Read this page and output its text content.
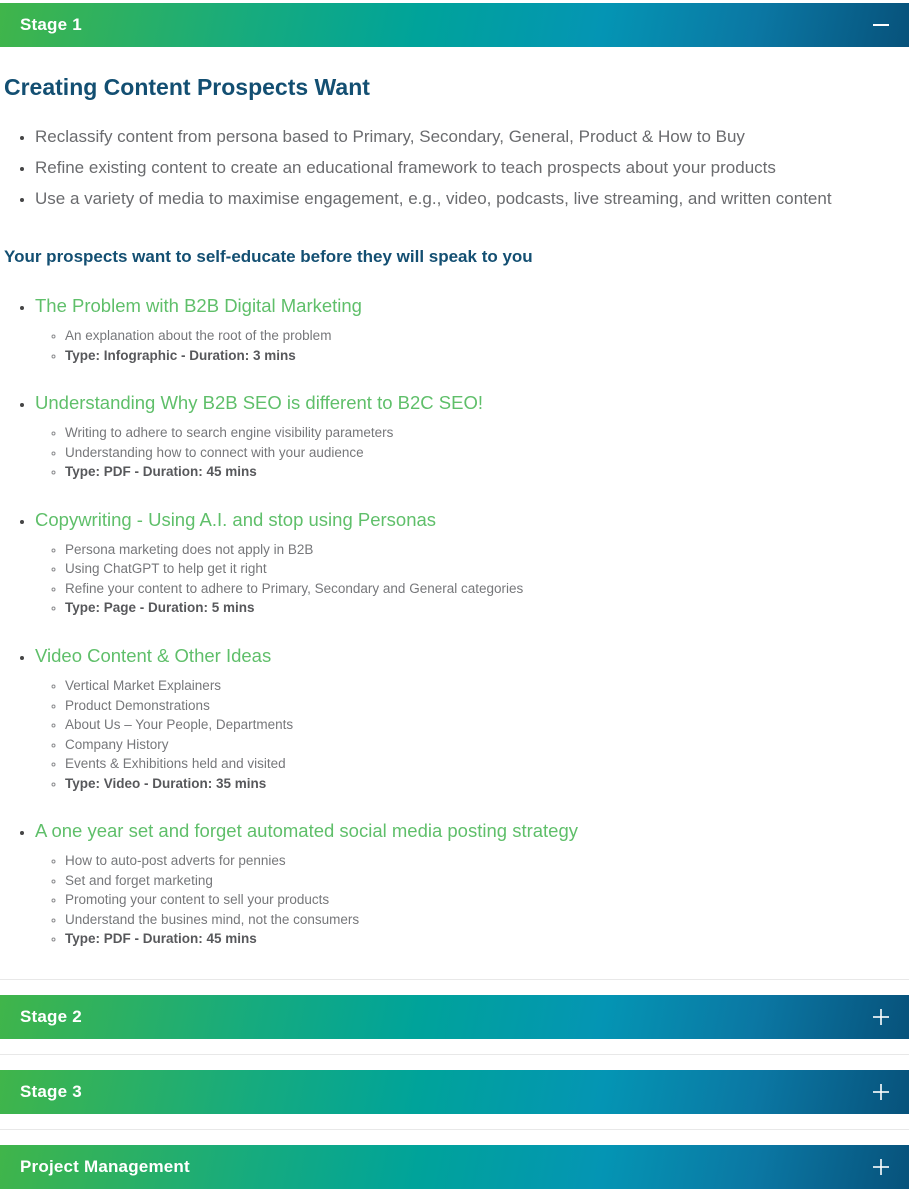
Stage 1
Creating Content Prospects Want
• Reclassify content from persona based to Primary, Secondary, General, Product & How to Buy
• Refine existing content to create an educational framework to teach prospects about your products
• Use a variety of media to maximise engagement, e.g., video, podcasts, live streaming, and written content
Your prospects want to self-educate before they will speak to you
• The Problem with B2B Digital Marketing
◦ An explanation about the root of the problem
◦ Type: Infographic - Duration: 3 mins
• Understanding Why B2B SEO is different to B2C SEO!
◦ Writing to adhere to search engine visibility parameters
◦ Understanding how to connect with your audience
◦ Type: PDF - Duration: 45 mins
• Copywriting - Using A.I. and stop using Personas
◦ Persona marketing does not apply in B2B
◦ Using ChatGPT to help get it right
◦ Refine your content to adhere to Primary, Secondary and General categories
◦ Type: Page - Duration: 5 mins
• Video Content & Other Ideas
◦ Vertical Market Explainers
◦ Product Demonstrations
◦ About Us – Your People, Departments
◦ Company History
◦ Events & Exhibitions held and visited
◦ Type: Video - Duration: 35 mins
• A one year set and forget automated social media posting strategy
◦ How to auto-post adverts for pennies
◦ Set and forget marketing
◦ Promoting your content to sell your products
◦ Understand the busines mind, not the consumers
◦ Type: PDF - Duration: 45 mins
Stage 2
Stage 3
Project Management
